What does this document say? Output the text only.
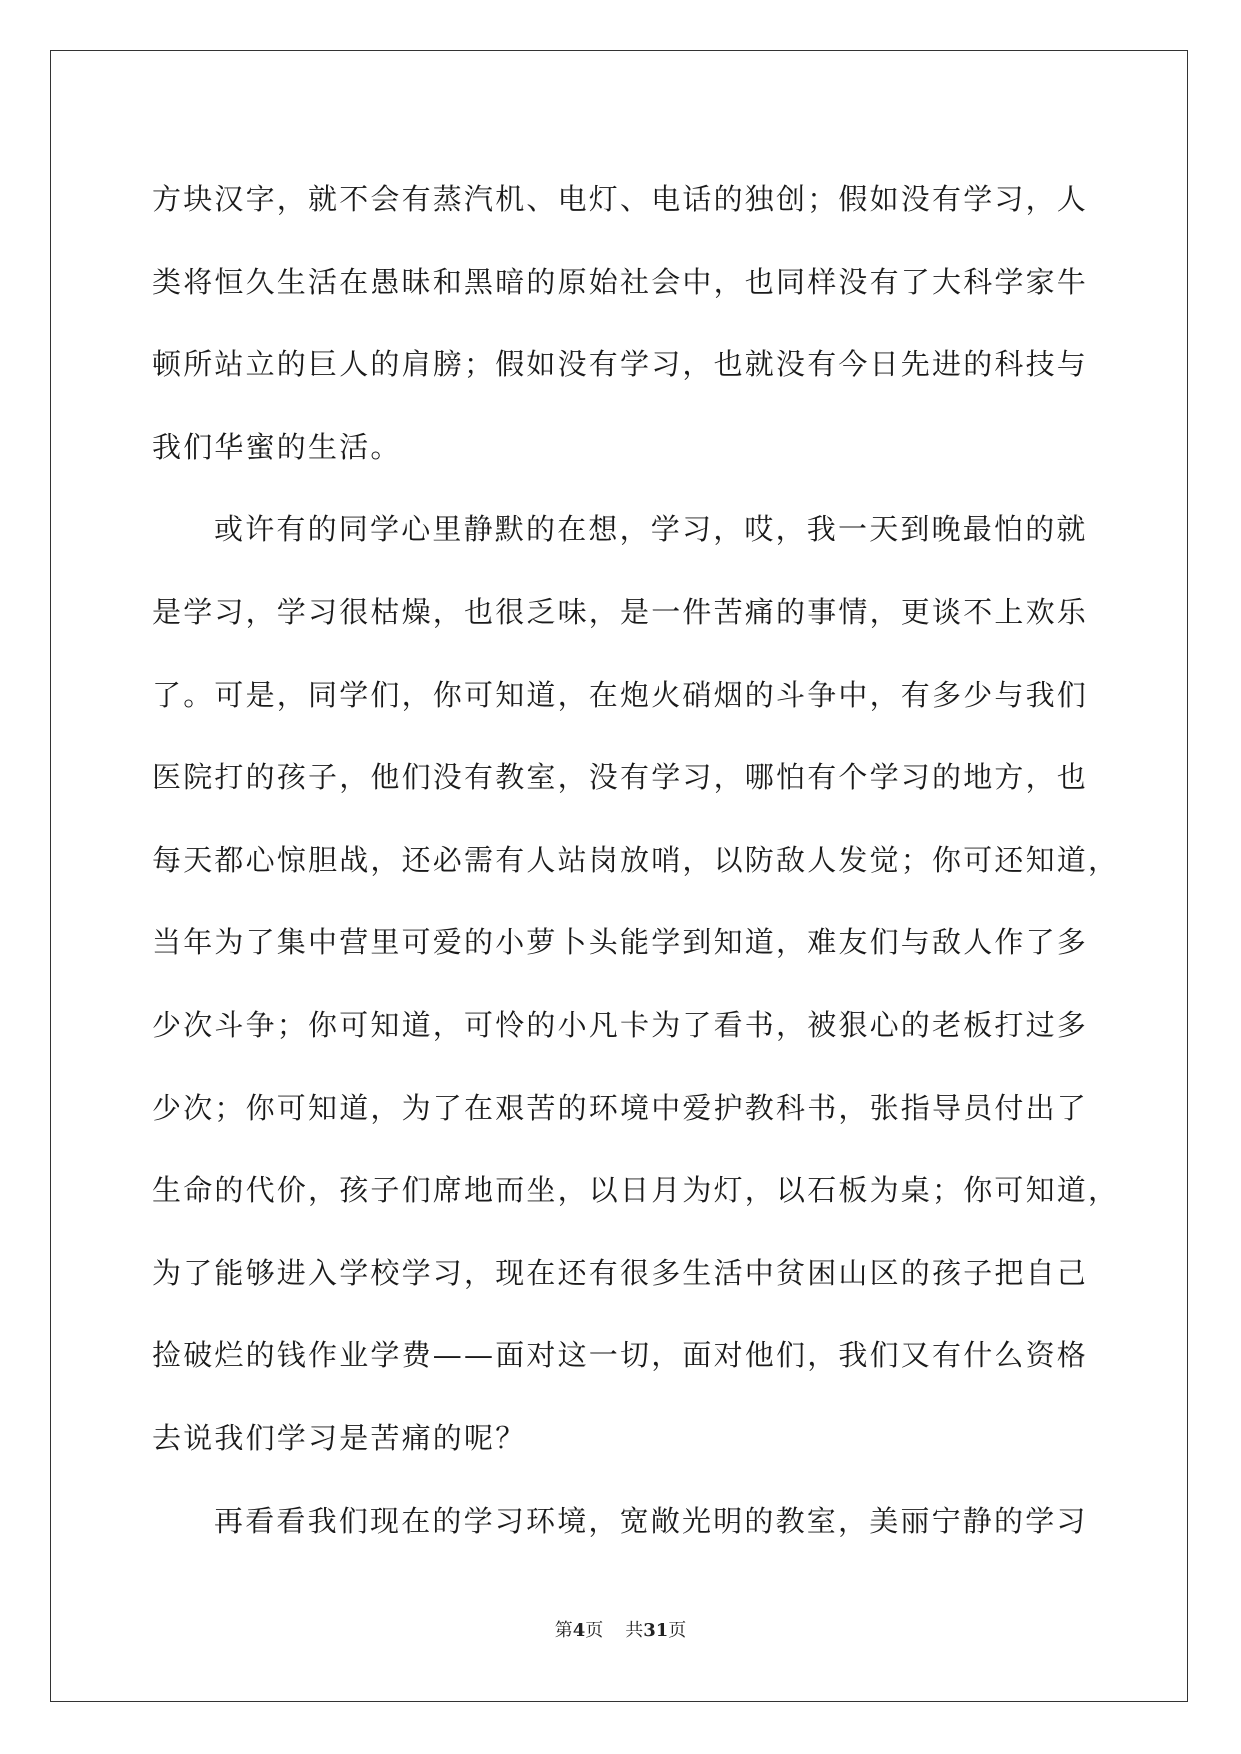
方块汉字，就不会有蒸汽机、电灯、电话的独创；假如没有学习，人
类将恒久生活在愚昧和黑暗的原始社会中，也同样没有了大科学家牛
顿所站立的巨人的肩膀；假如没有学习，也就没有今日先进的科技与
我们华蜜的生活。
或许有的同学心里静默的在想，学习，哎，我一天到晚最怕的就
是学习，学习很枯燥，也很乏味，是一件苦痛的事情，更谈不上欢乐
了。可是，同学们，你可知道，在炮火硝烟的斗争中，有多少与我们
医院打的孩子，他们没有教室，没有学习，哪怕有个学习的地方，也
每天都心惊胆战，还必需有人站岗放哨，以防敌人发觉；你可还知道，
当年为了集中营里可爱的小萝卜头能学到知道，难友们与敌人作了多
少次斗争；你可知道，可怜的小凡卡为了看书，被狠心的老板打过多
少次；你可知道，为了在艰苦的环境中爱护教科书，张指导员付出了
生命的代价，孩子们席地而坐，以日月为灯，以石板为桌；你可知道，
为了能够进入学校学习，现在还有很多生活中贫困山区的孩子把自己
捡破烂的钱作业学费——面对这一切，面对他们，我们又有什么资格
去说我们学习是苦痛的呢？
再看看我们现在的学习环境，宽敞光明的教室，美丽宁静的学习
第4页 共31页
